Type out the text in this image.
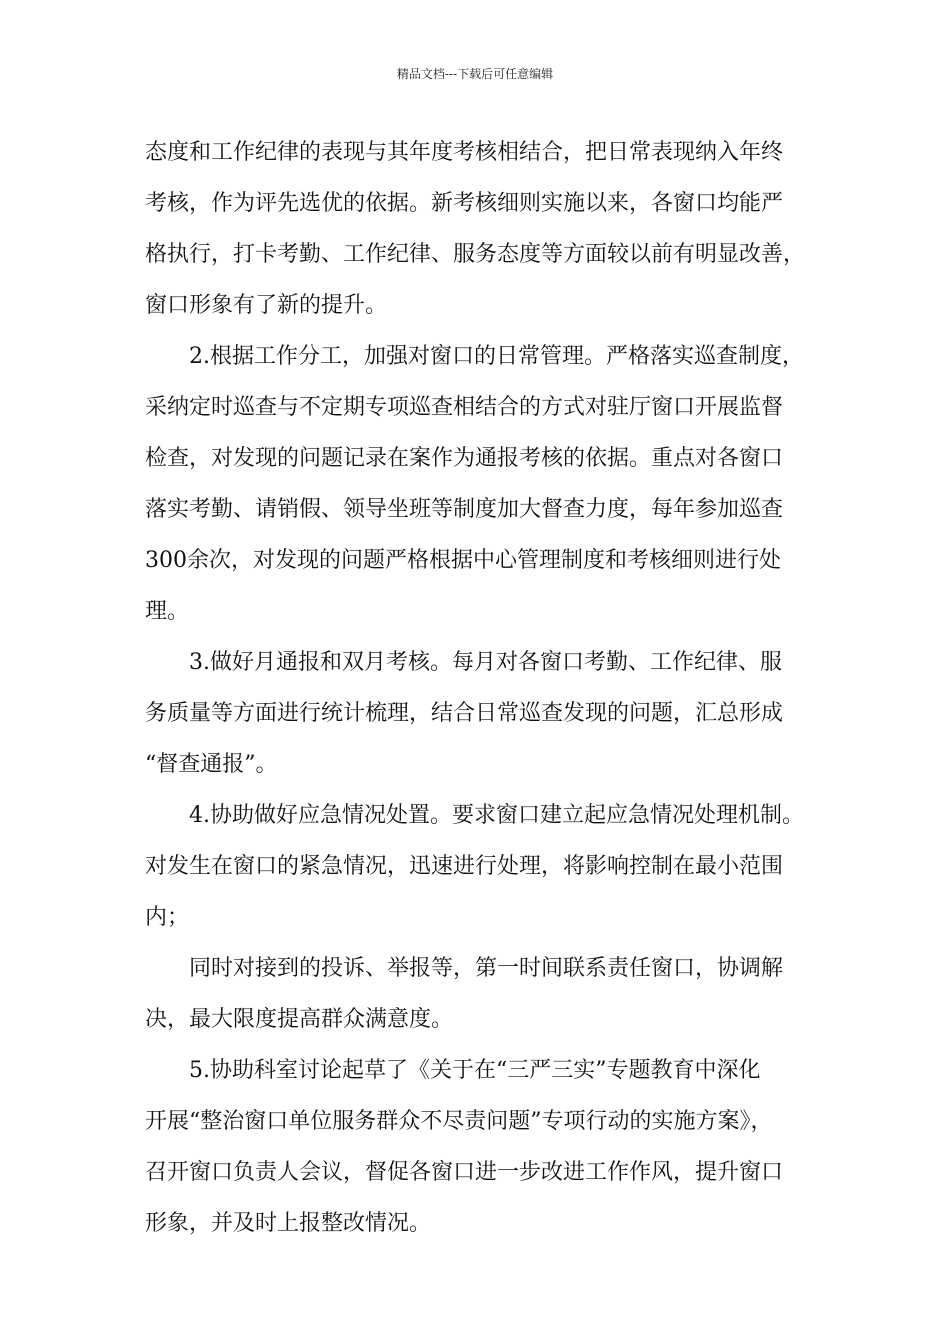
精品文档---下载后可任意编辑
态度和工作纪律的表现与其年度考核相结合，把日常表现纳入年终
考核，作为评先选优的依据。新考核细则实施以来，各窗口均能严
格执行，打卡考勤、工作纪律、服务态度等方面较以前有明显改善，
窗口形象有了新的提升。
2.根据工作分工，加强对窗口的日常管理。严格落实巡查制度，
采纳定时巡查与不定期专项巡查相结合的方式对驻厅窗口开展监督
检查，对发现的问题记录在案作为通报考核的依据。重点对各窗口
落实考勤、请销假、领导坐班等制度加大督查力度，每年参加巡查
300余次，对发现的问题严格根据中心管理制度和考核细则进行处
理。
3.做好月通报和双月考核。每月对各窗口考勤、工作纪律、服
务质量等方面进行统计梳理，结合日常巡查发现的问题，汇总形成
“督查通报”。
4.协助做好应急情况处置。要求窗口建立起应急情况处理机制。
对发生在窗口的紧急情况，迅速进行处理，将影响控制在最小范围
内；
同时对接到的投诉、举报等，第一时间联系责任窗口，协调解
决，最大限度提高群众满意度。
5.协助科室讨论起草了《关于在“三严三实”专题教育中深化
开展“整治窗口单位服务群众不尽责问题”专项行动的实施方案》，
召开窗口负责人会议，督促各窗口进一步改进工作作风，提升窗口
形象，并及时上报整改情况。
